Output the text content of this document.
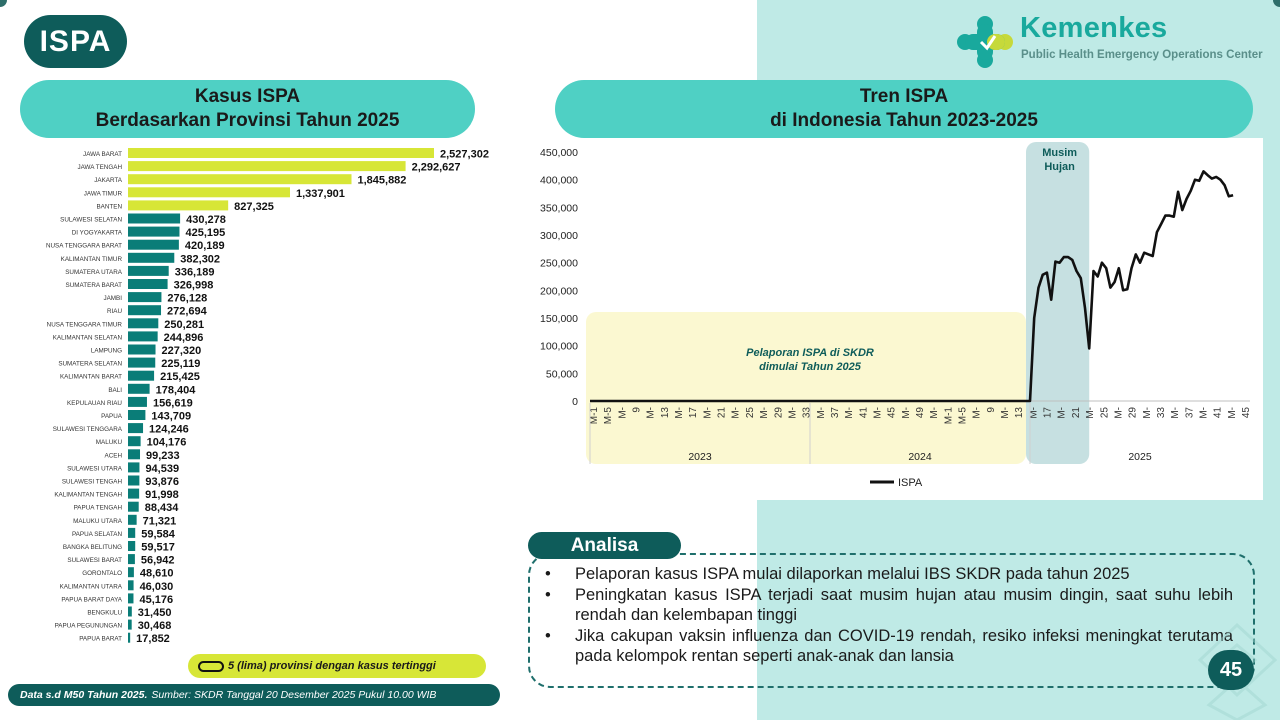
ISPA	Kemenkes
Public Health Emergency Operations Center
Kasus ISPA
Berdasarkan Provinsi Tahun 2025
Tren ISPA
di Indonesia Tahun 2023-2025
JAWA BARAT	2,527,302
JAWA TENGAH	2,292,627
JAKARTA	1,845,882
JAWA TIMUR	1,337,901
BANTEN	827,325
SULAWESI SELATAN	430,278
DI YOGYAKARTA	425,195
NUSA TENGGARA BARAT	420,189
KALIMANTAN TIMUR	382,302
SUMATERA UTARA	336,189
SUMATERA BARAT	326,998
JAMBI	276,128
RIAU	272,694
NUSA TENGGARA TIMUR	250,281
KALIMANTAN SELATAN	244,896
LAMPUNG	227,320
SUMATERA SELATAN	225,119
KALIMANTAN BARAT	215,425
BALI	178,404
KEPULAUAN RIAU	156,619
PAPUA	143,709
SULAWESI TENGGARA 124,246
MALUKU 104,176
ACEH 99,233
SULAWESI UTARA 94,539
SULAWESI TENGAH 93,876
KALIMANTAN TENGAH 91,998
PAPUA TENGAH 88,434
MALUKU UTARA 71,321
PAPUA SELATAN 59,584
BANGKA BELITUNG 59,517
SULAWESI BARAT 56,942
GORONTALO 48,610
KALIMANTAN UTARA 46,030
PAPUA BARAT DAYA 45,176
BENGKULU 31,450
PAPUA PEGUNUNGAN 30,468
PAPUA BARAT 17,852
450,000
400,000
350,000
300,000
250,000
200,000
150,000
100,000
50,000
0
Pelaporan ISPA di SKDR
dimulai Tahun 2025
Musim
Hujan
M-1 M-5 M- 9 M- 13 M- 17 M- 21 M- 25 M- 29 M- 33 M- 37 M- 41 M- 45 M- 49 M- M-1 M-5 M- 9 M- 13 M- 17 M- 21 M- 25 M- 29 M- 33 M- 37 M- 41 M- 45
2023	2024	2025
ISPA
5 (lima) provinsi dengan kasus tertinggi
Data s.d M50 Tahun 2025. Sumber: SKDR Tanggal 20 Desember 2025 Pukul 10.00 WIB
Analisa
• Pelaporan kasus ISPA mulai dilaporkan melalui IBS SKDR pada tahun 2025
• Peningkatan kasus ISPA terjadi saat musim hujan atau musim dingin, saat suhu lebih rendah dan kelembapan tinggi
• Jika cakupan vaksin influenza dan COVID-19 rendah, resiko infeksi meningkat terutama pada kelompok rentan seperti anak-anak dan lansia
45
